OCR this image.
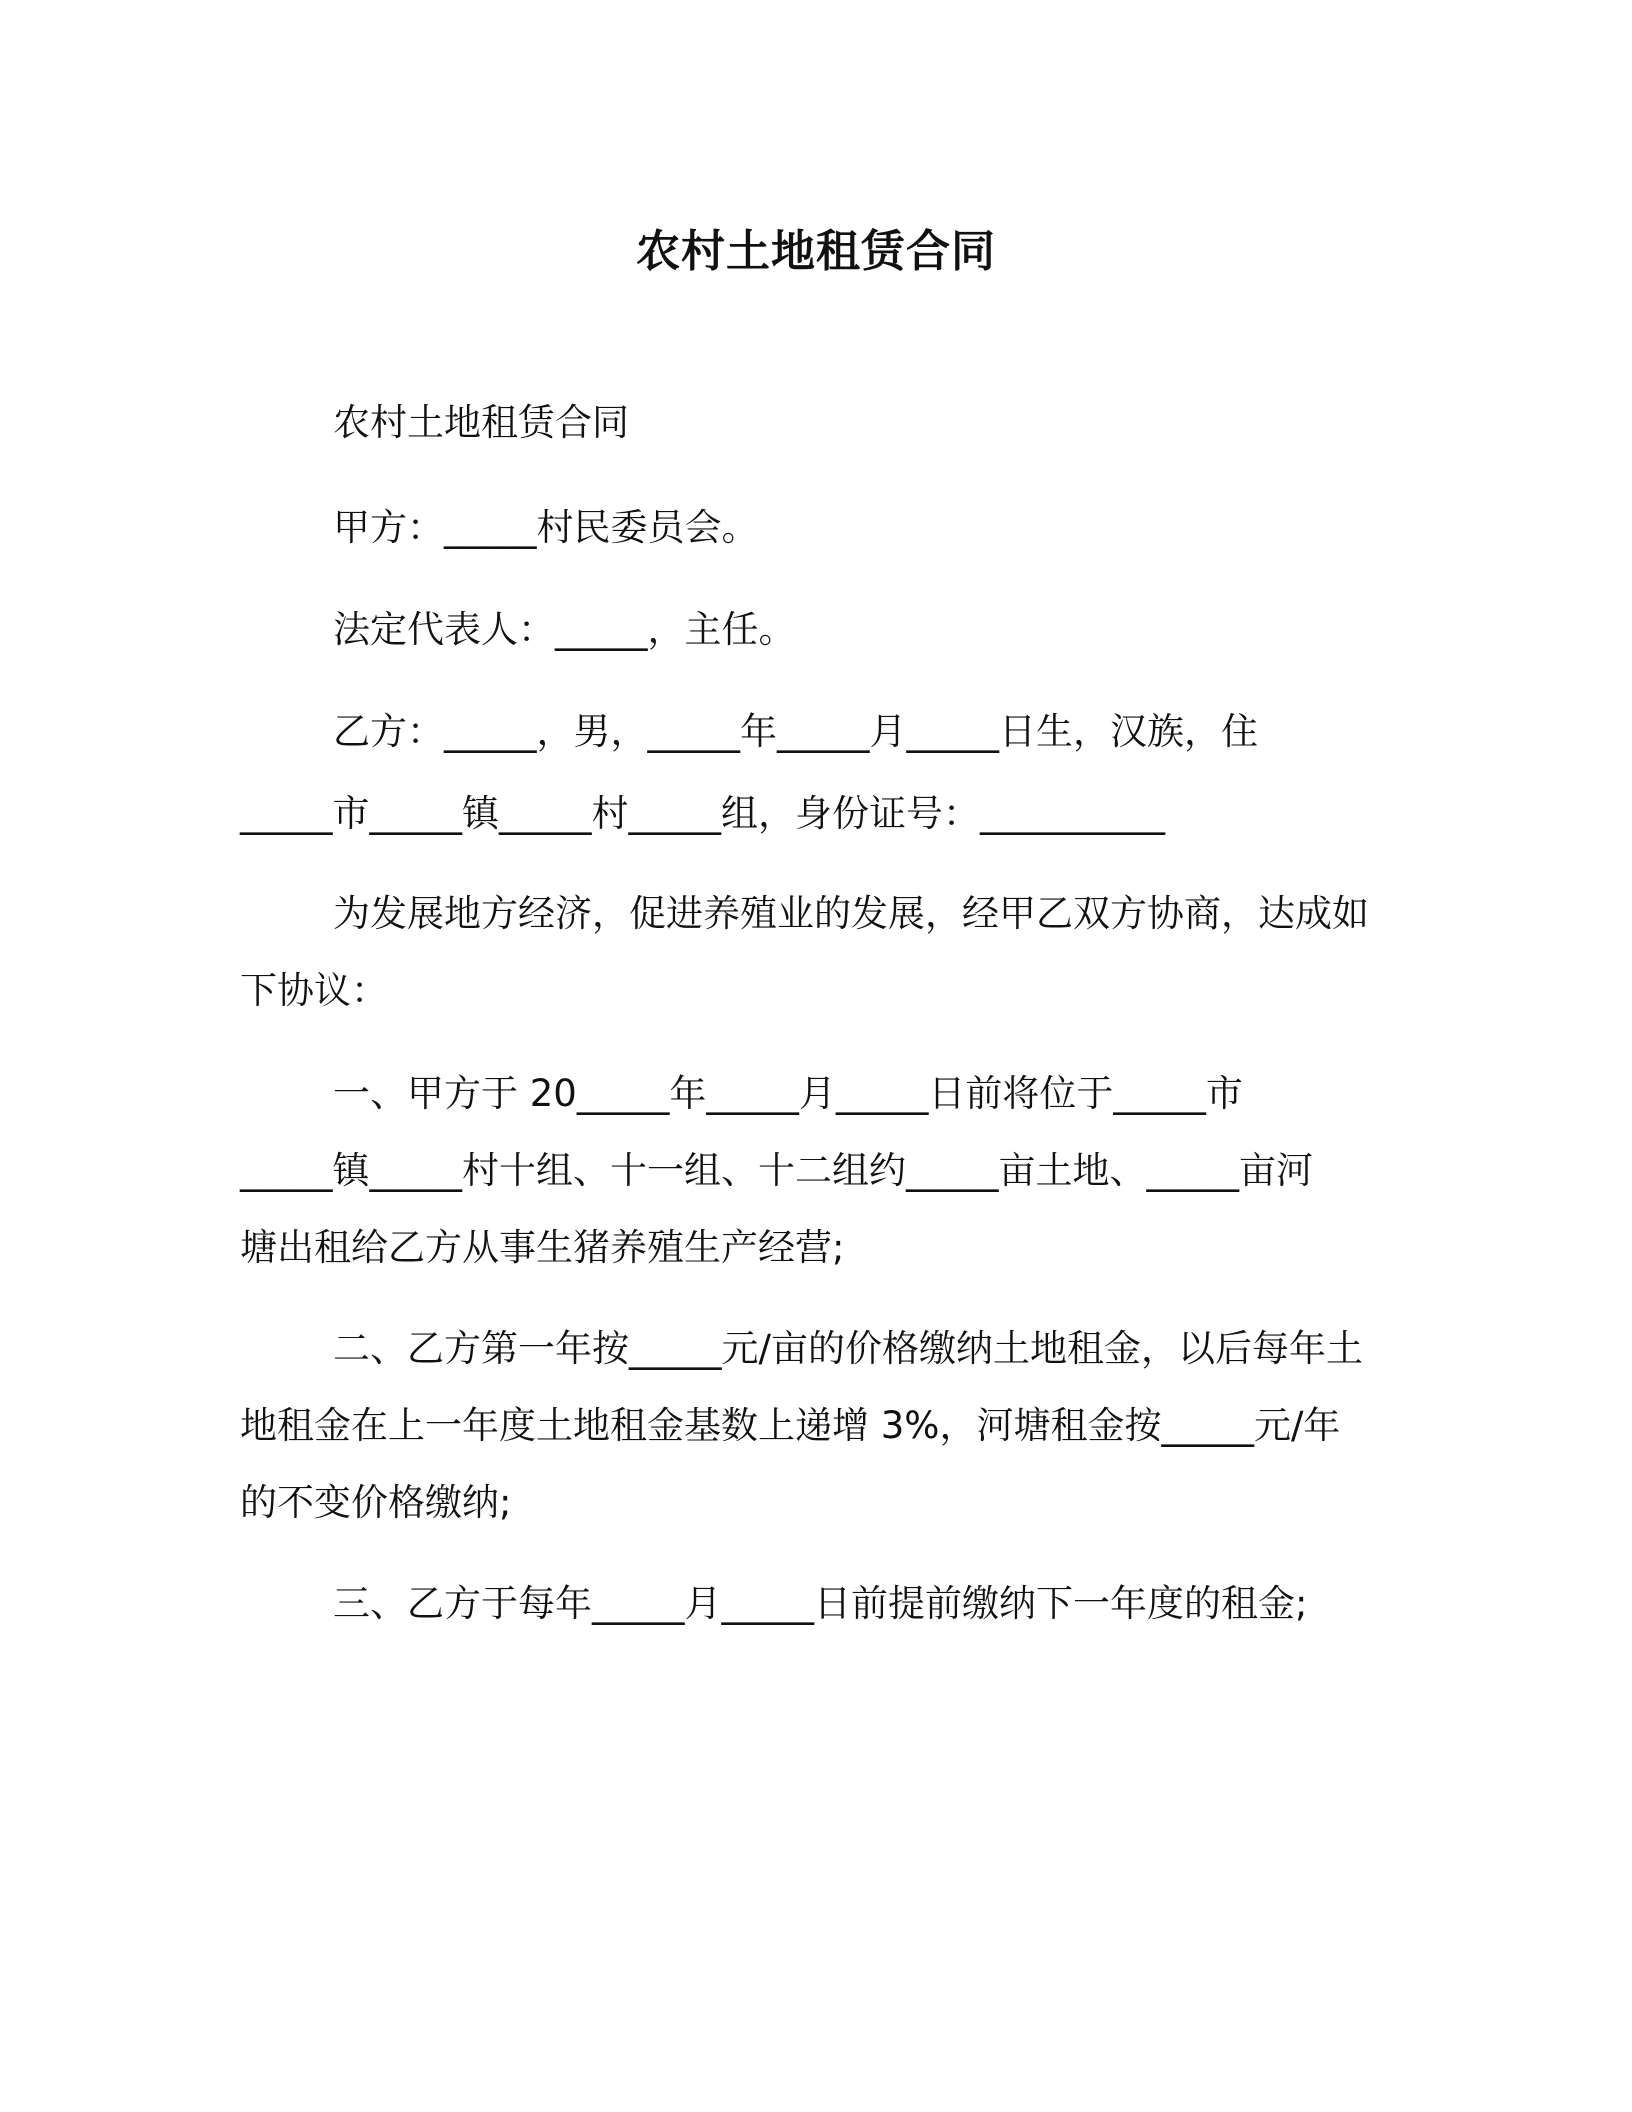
农村土地租赁合同
农村土地租赁合同
甲方：_____村民委员会。
法定代表人：_____，主任。
乙方：_____，男，_____年_____月_____日生，汉族，住
_____市_____镇_____村_____组，身份证号：__________
为发展地方经济，促进养殖业的发展，经甲乙双方协商，达成如
下协议：
一、甲方于 20_____年_____月_____日前将位于_____市
_____镇_____村十组、十一组、十二组约_____亩土地、_____亩河
塘出租给乙方从事生猪养殖生产经营;
二、乙方第一年按_____元/亩的价格缴纳土地租金，以后每年土
地租金在上一年度土地租金基数上递增 3%，河塘租金按_____元/年
的不变价格缴纳;
三、乙方于每年_____月_____日前提前缴纳下一年度的租金;
